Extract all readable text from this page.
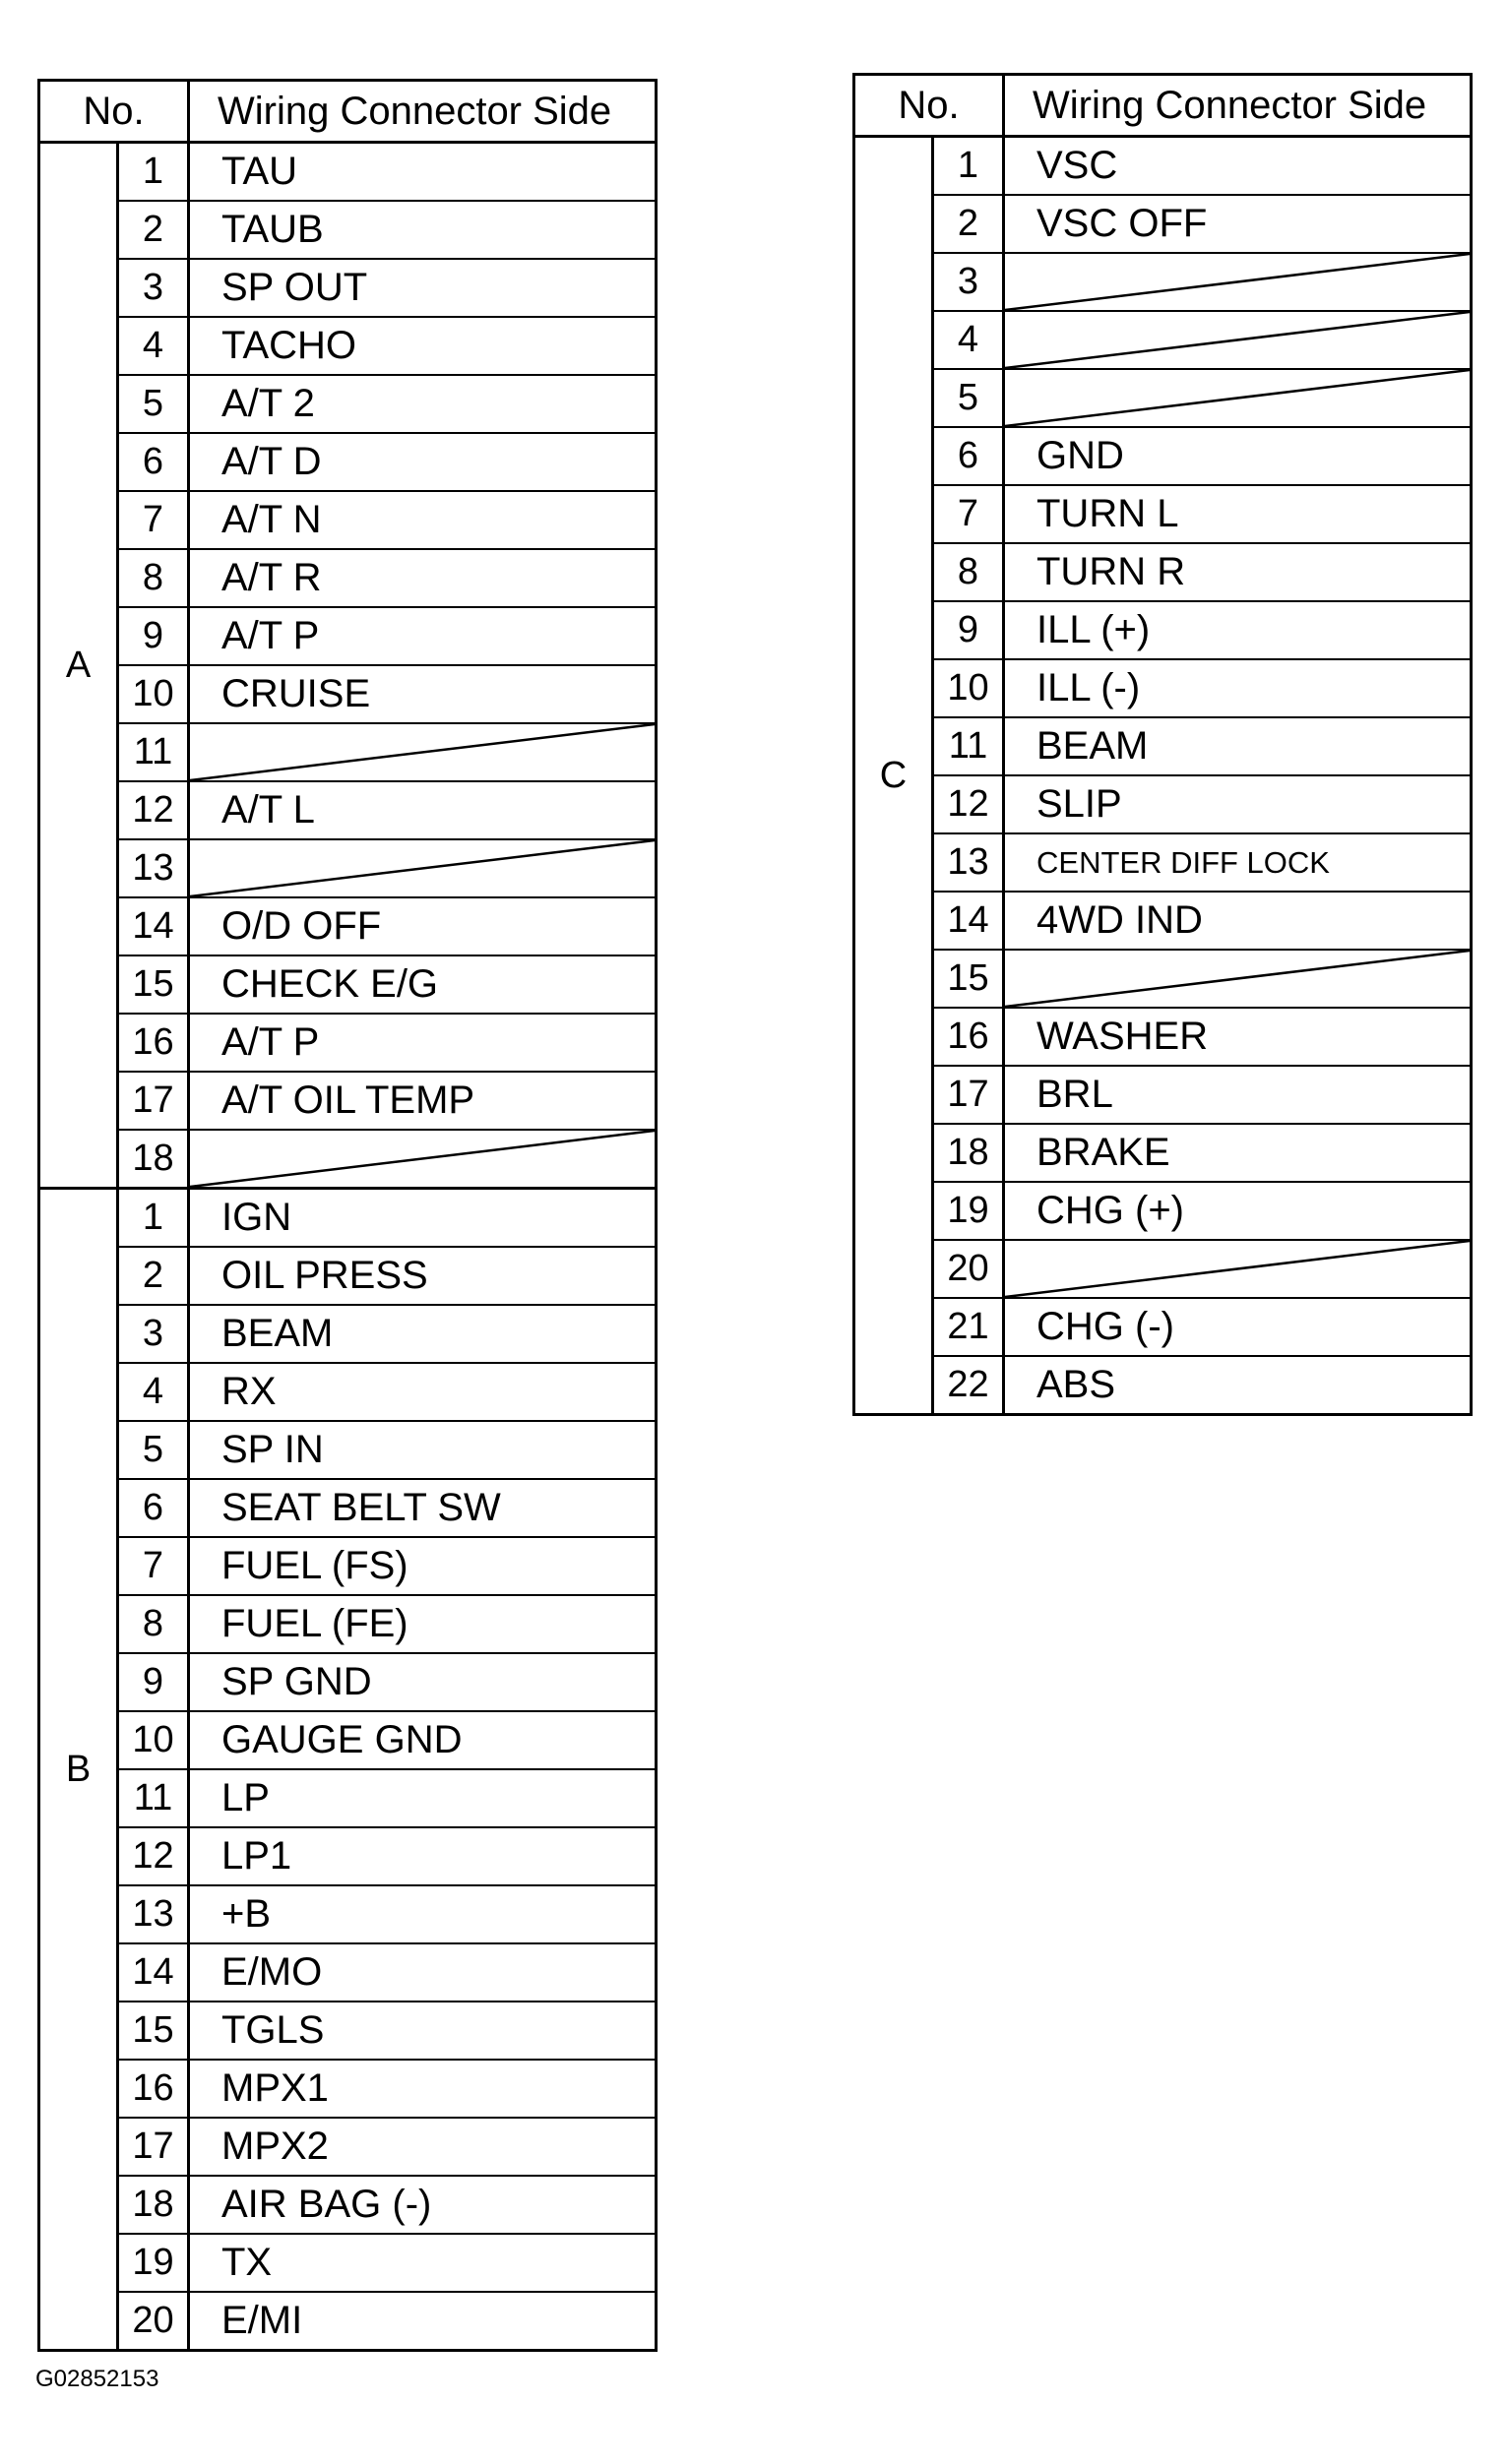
No.	Wiring Connector Side
A
1	TAU
2	TAUB
3	SP OUT
4	TACHO
5	A/T 2
6	A/T D
7	A/T N
8	A/T R
9	A/T P
10	CRUISE
11
12	A/T L
13
14	O/D OFF
15	CHECK E/G
16	A/T P
17	A/T OIL TEMP
18
B
1	IGN
2	OIL PRESS
3	BEAM
4	RX
5	SP IN
6	SEAT BELT SW
7	FUEL (FS)
8	FUEL (FE)
9	SP GND
10	GAUGE GND
11	LP
12	LP1
13	+B
14	E/MO
15	TGLS
16	MPX1
17	MPX2
18	AIR BAG (-)
19	TX
20	E/MI
No.	Wiring Connector Side
C
1	VSC
2	VSC OFF
3
4
5
6	GND
7	TURN L
8	TURN R
9	ILL (+)
10	ILL (-)
11	BEAM
12	SLIP
13	CENTER DIFF LOCK
14	4WD IND
15
16	WASHER
17	BRL
18	BRAKE
19	CHG (+)
20
21	CHG (-)
22	ABS
G02852153
